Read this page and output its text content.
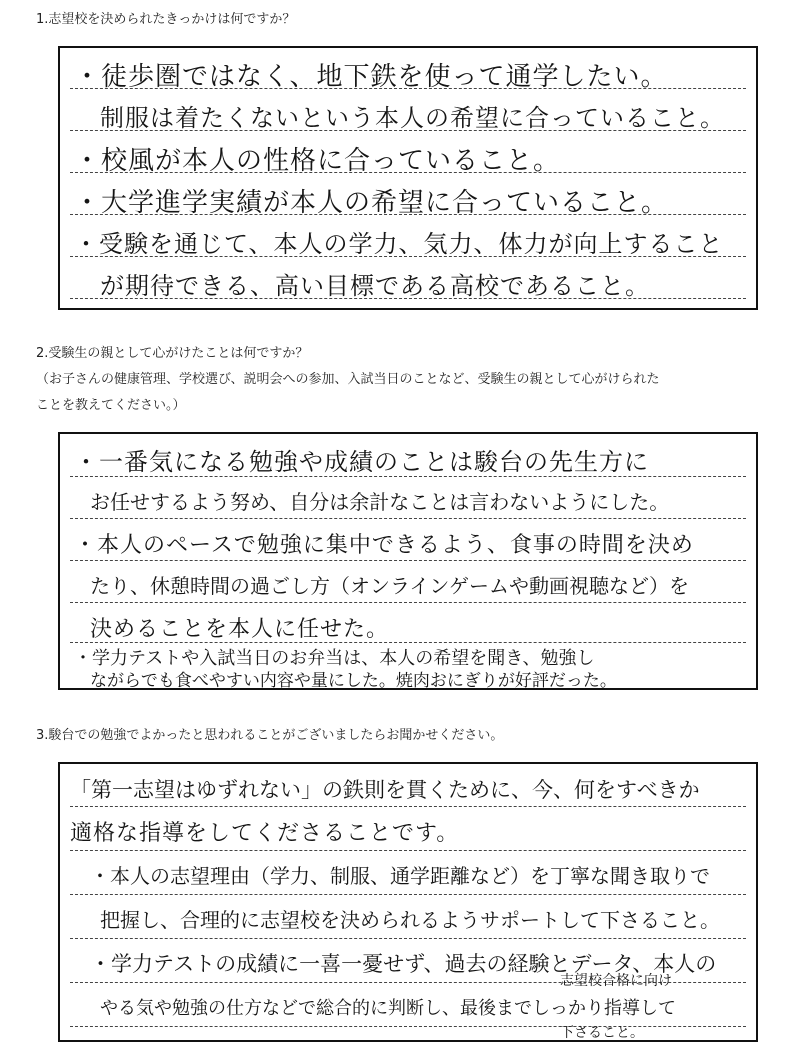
1.志望校を決められたきっかけは何ですか？
・徒歩圏ではなく、地下鉄を使って通学したい。
制服は着たくないという本人の希望に合っていること。
・校風が本人の性格に合っていること。
・大学進学実績が本人の希望に合っていること。
・受験を通じて、本人の学力、気力、体力が向上すること
が期待できる、高い目標である高校であること。
2.受験生の親として心がけたことは何ですか？
（お子さんの健康管理、学校選び、説明会への参加、入試当日のことなど、受験生の親として心がけられた
ことを教えてください。）
・一番気になる勉強や成績のことは駿台の先生方に
お任せするよう努め、自分は余計なことは言わないようにした。
・本人のペースで勉強に集中できるよう、食事の時間を決め
たり、休憩時間の過ごし方（オンラインゲームや動画視聴など）を
決めることを本人に任せた。
・学力テストや入試当日のお弁当は、本人の希望を聞き、勉強し
ながらでも食べやすい内容や量にした。焼肉おにぎりが好評だった。
3.駿台での勉強でよかったと思われることがございましたらお聞かせください。
「第一志望はゆずれない」の鉄則を貫くために、今、何をすべきか
適格な指導をしてくださることです。
・本人の志望理由（学力、制服、通学距離など）を丁寧な聞き取りで
把握し、合理的に志望校を決められるようサポートして下さること。
・学力テストの成績に一喜一憂せず、過去の経験とデータ、本人の
やる気や勉強の仕方などで総合的に判断し、最後までしっかり指導して
志望校合格に向け
下さること。
